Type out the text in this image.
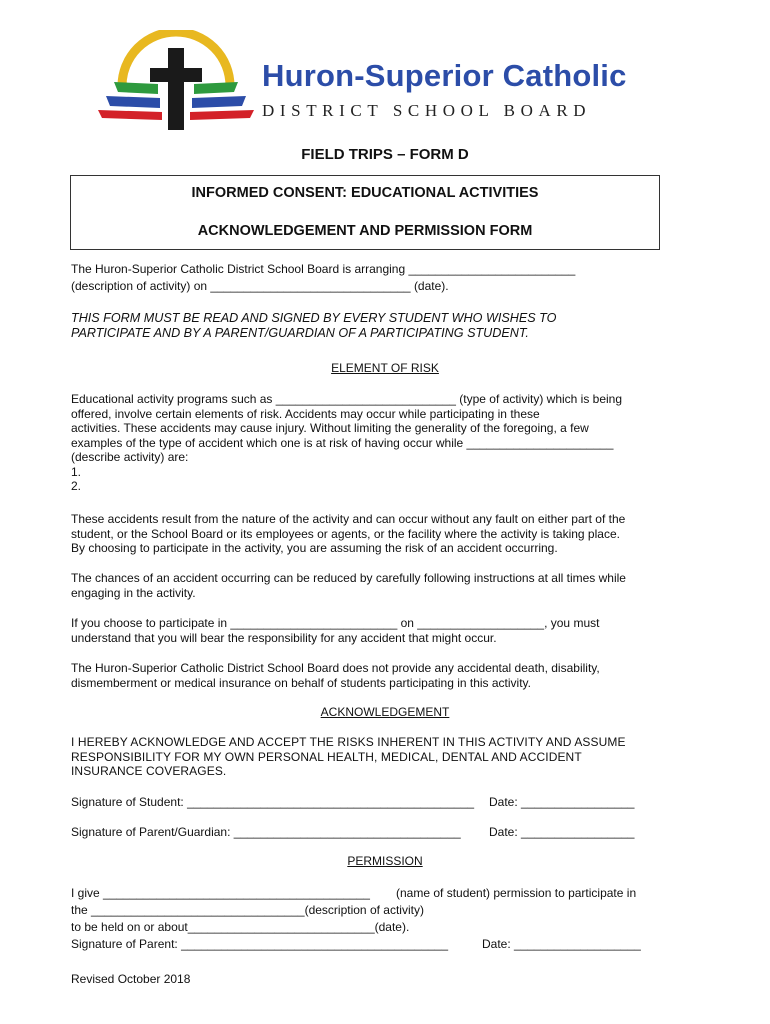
Huron-Superior Catholic
DISTRICT SCHOOL BOARD
FIELD TRIPS – FORM D
INFORMED CONSENT: EDUCATIONAL ACTIVITIES
ACKNOWLEDGEMENT AND PERMISSION FORM
The Huron-Superior Catholic District School Board is arranging _________________________
(description of activity) on ______________________________ (date).
THIS FORM MUST BE READ AND SIGNED BY EVERY STUDENT WHO WISHES TO
PARTICIPATE AND BY A PARENT/GUARDIAN OF A PARTICIPATING STUDENT.
ELEMENT OF RISK
Educational activity programs such as ___________________________ (type of activity) which is being
offered, involve certain elements of risk. Accidents may occur while participating in these
activities. These accidents may cause injury. Without limiting the generality of the foregoing, a few
examples of the type of accident which one is at risk of having occur while ______________________
(describe activity) are:
1.
2.
These accidents result from the nature of the activity and can occur without any fault on either part of the
student, or the School Board or its employees or agents, or the facility where the activity is taking place.
By choosing to participate in the activity, you are assuming the risk of an accident occurring.
The chances of an accident occurring can be reduced by carefully following instructions at all times while
engaging in the activity.
If you choose to participate in _________________________ on ___________________, you must
understand that you will bear the responsibility for any accident that might occur.
The Huron-Superior Catholic District School Board does not provide any accidental death, disability,
dismemberment or medical insurance on behalf of students participating in this activity.
ACKNOWLEDGEMENT
I HEREBY ACKNOWLEDGE AND ACCEPT THE RISKS INHERENT IN THIS ACTIVITY AND ASSUME
RESPONSIBILITY FOR MY OWN PERSONAL HEALTH, MEDICAL, DENTAL AND ACCIDENT
INSURANCE COVERAGES.
Signature of Student: ___________________________________________ Date: _________________
Signature of Parent/Guardian: __________________________________ Date: _________________
PERMISSION
I give ________________________________________ (name of student) permission to participate in
the ________________________________(description of activity)
to be held on or about____________________________(date).
Signature of Parent: ________________________________________	Date: ___________________
Revised October 2018
